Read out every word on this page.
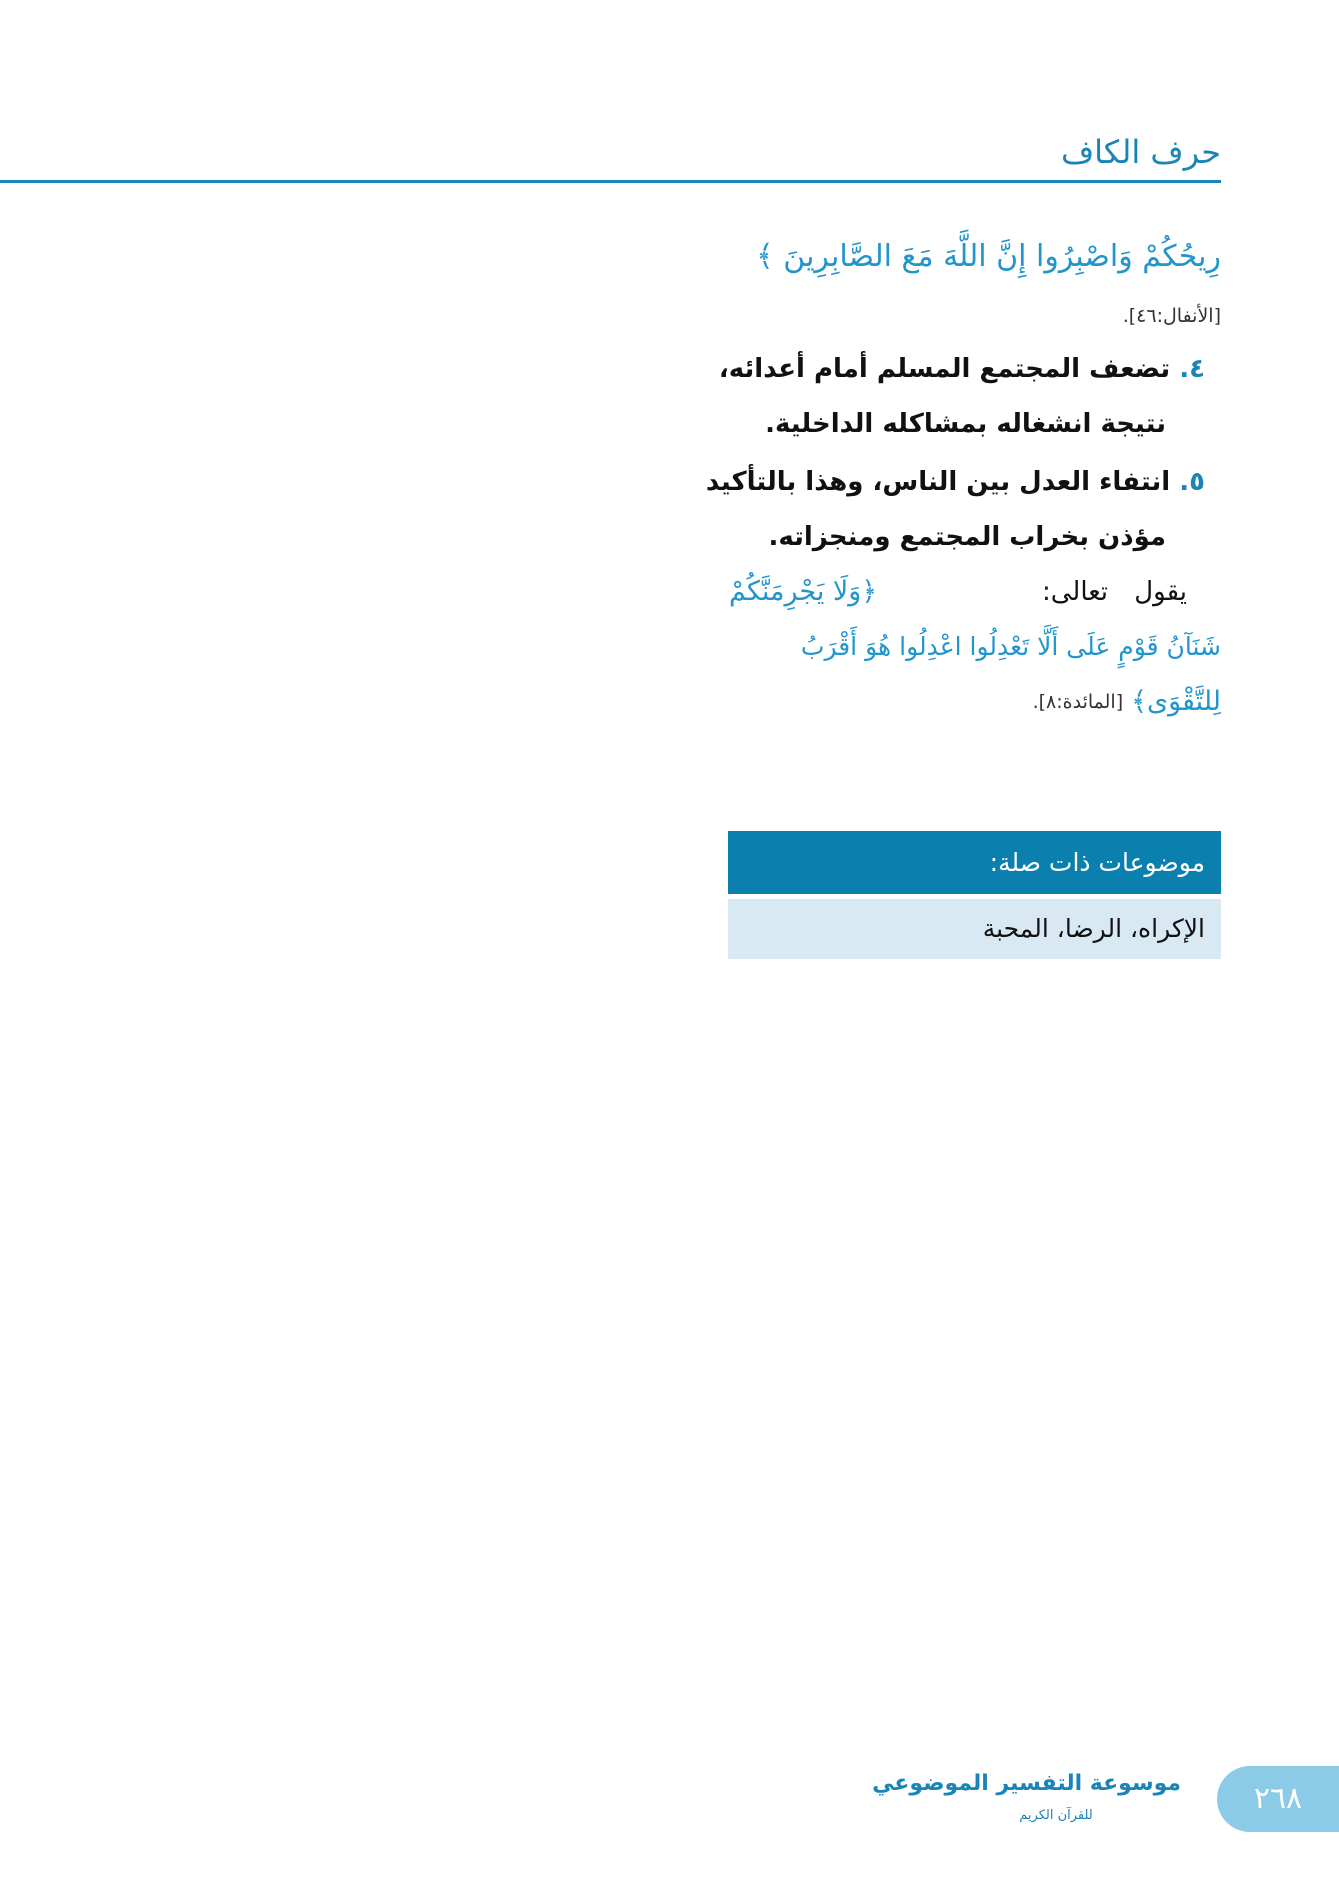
حرف الكاف
رِيحُكُمْ وَاصْبِرُوا إِنَّ اللَّهَ مَعَ الصَّابِرِينَ ﴾
[الأنفال:٤٦].
٤. تضعف المجتمع المسلم أمام أعدائه،
نتيجة انشغاله بمشاكله الداخلية.
٥. انتفاء العدل بين الناس، وهذا بالتأكيد
مؤذن بخراب المجتمع ومنجزاته.
يقول تعالى:
﴿وَلَا يَجْرِمَنَّكُمْ
شَنَآنُ قَوْمٍ عَلَى أَلَّا تَعْدِلُوا اعْدِلُوا هُوَ أَقْرَبُ
لِلتَّقْوَى﴾
[المائدة:٨].
موضوعات ذات صلة:
الإكراه، الرضا، المحبة
موسوعة التفسير الموضوعي
للقرآن الكريم	٢٦٨
